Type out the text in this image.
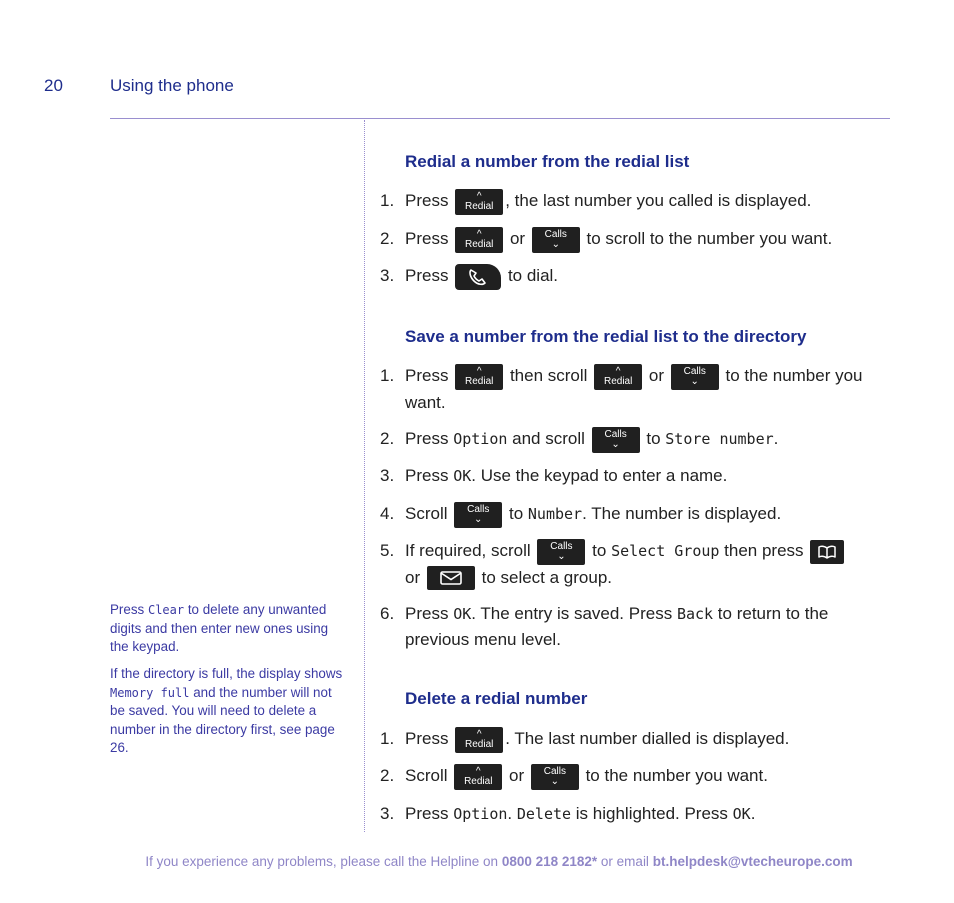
20	Using the phone
Redial a number from the redial list
1. Press	^
Redial , the last number you called is displayed.
2. Press	^
Redial or	Calls
⌄	to scroll to the number you want.
3. Press	to dial.
Save a number from the redial list to the directory
1. Press	^
Redial then scroll	^
Redial or	Calls
⌄	to the number you want.
2. Press Option and scroll	Calls
⌄	to Store number.
3. Press OK. Use the keypad to enter a name.
4. Scroll	Calls
⌄	to Number. The number is displayed.
5. If required, scroll	Calls
⌄	to Select Group then press

or	to select a group.
6. Press OK. The entry is saved. Press Back to return to the previous menu level.
Delete a redial number
1. Press	^
Redial . The last number dialled is displayed.
2. Scroll	^
Redial or	Calls
⌄	to the number you want.
3. Press Option. Delete is highlighted. Press OK.
Press Clear to delete any unwanted digits and then enter new ones using the keypad.
If the directory is full, the display shows Memory full and the number will not be saved. You will need to delete a number in the directory first, see page 26.
If you experience any problems, please call the Helpline on 0800 218 2182* or email bt.helpdesk@vtecheurope.com
